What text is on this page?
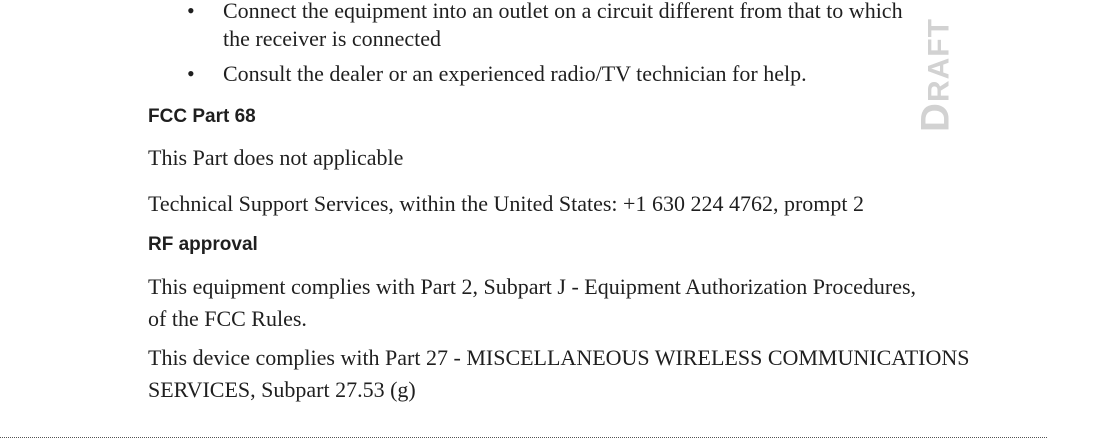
DRAFT
• Connect the equipment into an outlet on a circuit different from that to which
the receiver is connected
• Consult the dealer or an experienced radio/TV technician for help.
FCC Part 68
This Part does not applicable
Technical Support Services, within the United States: +1 630 224 4762, prompt 2
RF approval
This equipment complies with Part 2, Subpart J - Equipment Authorization Procedures,
of the FCC Rules.
This device complies with Part 27 - MISCELLANEOUS WIRELESS COMMUNICATIONS
SERVICES, Subpart 27.53 (g)
